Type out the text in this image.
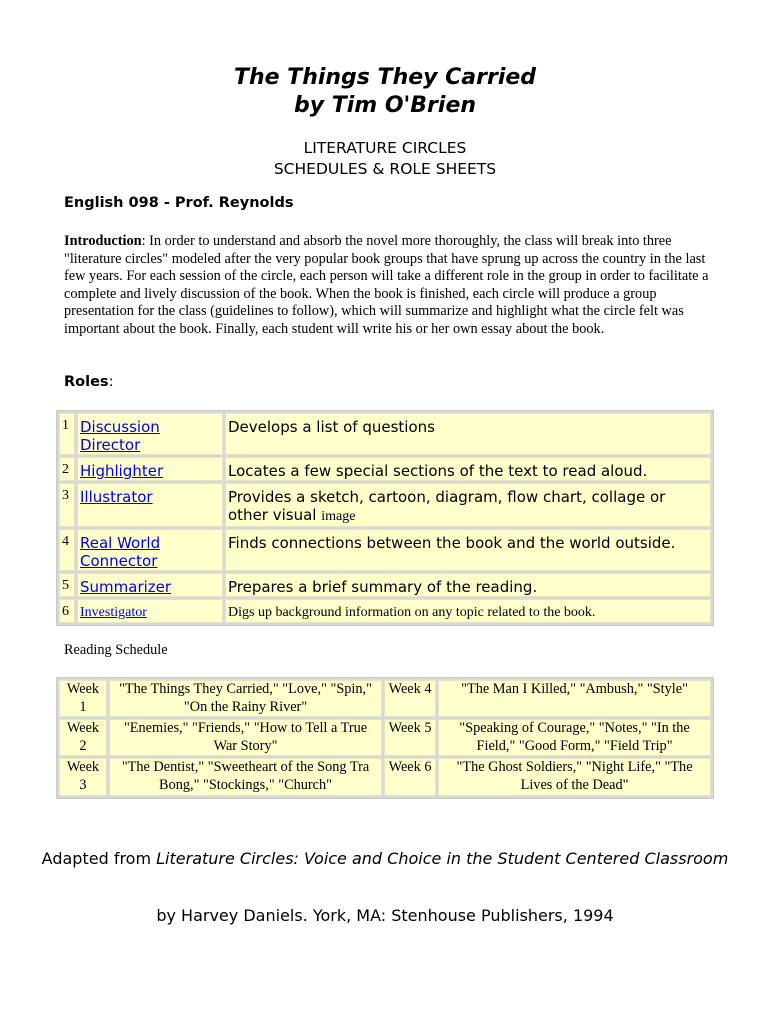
The Things They Carried
by Tim O'Brien
LITERATURE CIRCLES
SCHEDULES & ROLE SHEETS
English 098 - Prof. Reynolds
Introduction: In order to understand and absorb the novel more thoroughly, the class will break into three "literature circles" modeled after the very popular book groups that have sprung up across the country in the last few years. For each session of the circle, each person will take a different role in the group in order to facilitate a complete and lively discussion of the book. When the book is finished, each circle will produce a group presentation for the class (guidelines to follow), which will summarize and highlight what the circle felt was important about the book. Finally, each student will write his or her own essay about the book.
Roles:
1	Discussion Director	Develops a list of questions
2	Highlighter	Locates a few special sections of the text to read aloud.
3	Illustrator	Provides a sketch, cartoon, diagram, flow chart, collage or other visual image
4	Real World Connector	Finds connections between the book and the world outside.
5	Summarizer	Prepares a brief summary of the reading.
6	Investigator	Digs up background information on any topic related to the book.
Reading Schedule
Week 1	"The Things They Carried," "Love," "Spin," "On the Rainy River"	Week 4	"The Man I Killed," "Ambush," "Style"
Week 2	"Enemies," "Friends," "How to Tell a True War Story"	Week 5	"Speaking of Courage," "Notes," "In the Field," "Good Form," "Field Trip"
Week 3	"The Dentist," "Sweetheart of the Song Tra Bong," "Stockings," "Church"	Week 6	"The Ghost Soldiers," "Night Life," "The Lives of the Dead"
Adapted from Literature Circles: Voice and Choice in the Student Centered Classroom
by Harvey Daniels. York, MA: Stenhouse Publishers, 1994
